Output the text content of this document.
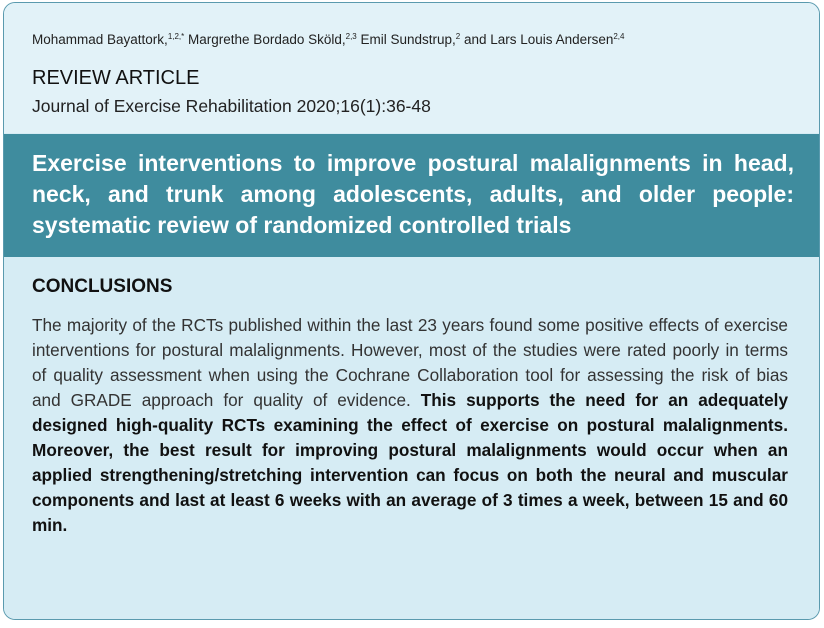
Mohammad Bayattork,$^{1,2,*}$ Margrethe Bordado Sköld,$^{2,3}$ Emil Sundstrup,$^2$ and Lars Louis Andersen$^{2,4}$
REVIEW ARTICLE
Journal of Exercise Rehabilitation 2020;16(1):36-48
Exercise interventions to improve postural malalignments in head, neck, and trunk among adolescents, adults, and older people: systematic review of randomized controlled trials
CONCLUSIONS

The majority of the RCTs published within the last 23 years found some positive effects of exercise interventions for postural malalignments. However, most of the studies were rated poorly in terms of quality assessment when using the Cochrane Collaboration tool for assessing the risk of bias and GRADE approach for quality of evidence. This supports the need for an adequately designed high-quality RCTs examining the effect of exercise on postural malalignments. Moreover, the best result for improving postural malalignments would occur when an applied strengthening/stretching intervention can focus on both the neural and muscular components and last at least 6 weeks with an average of 3 times a week, between 15 and 60 min.
